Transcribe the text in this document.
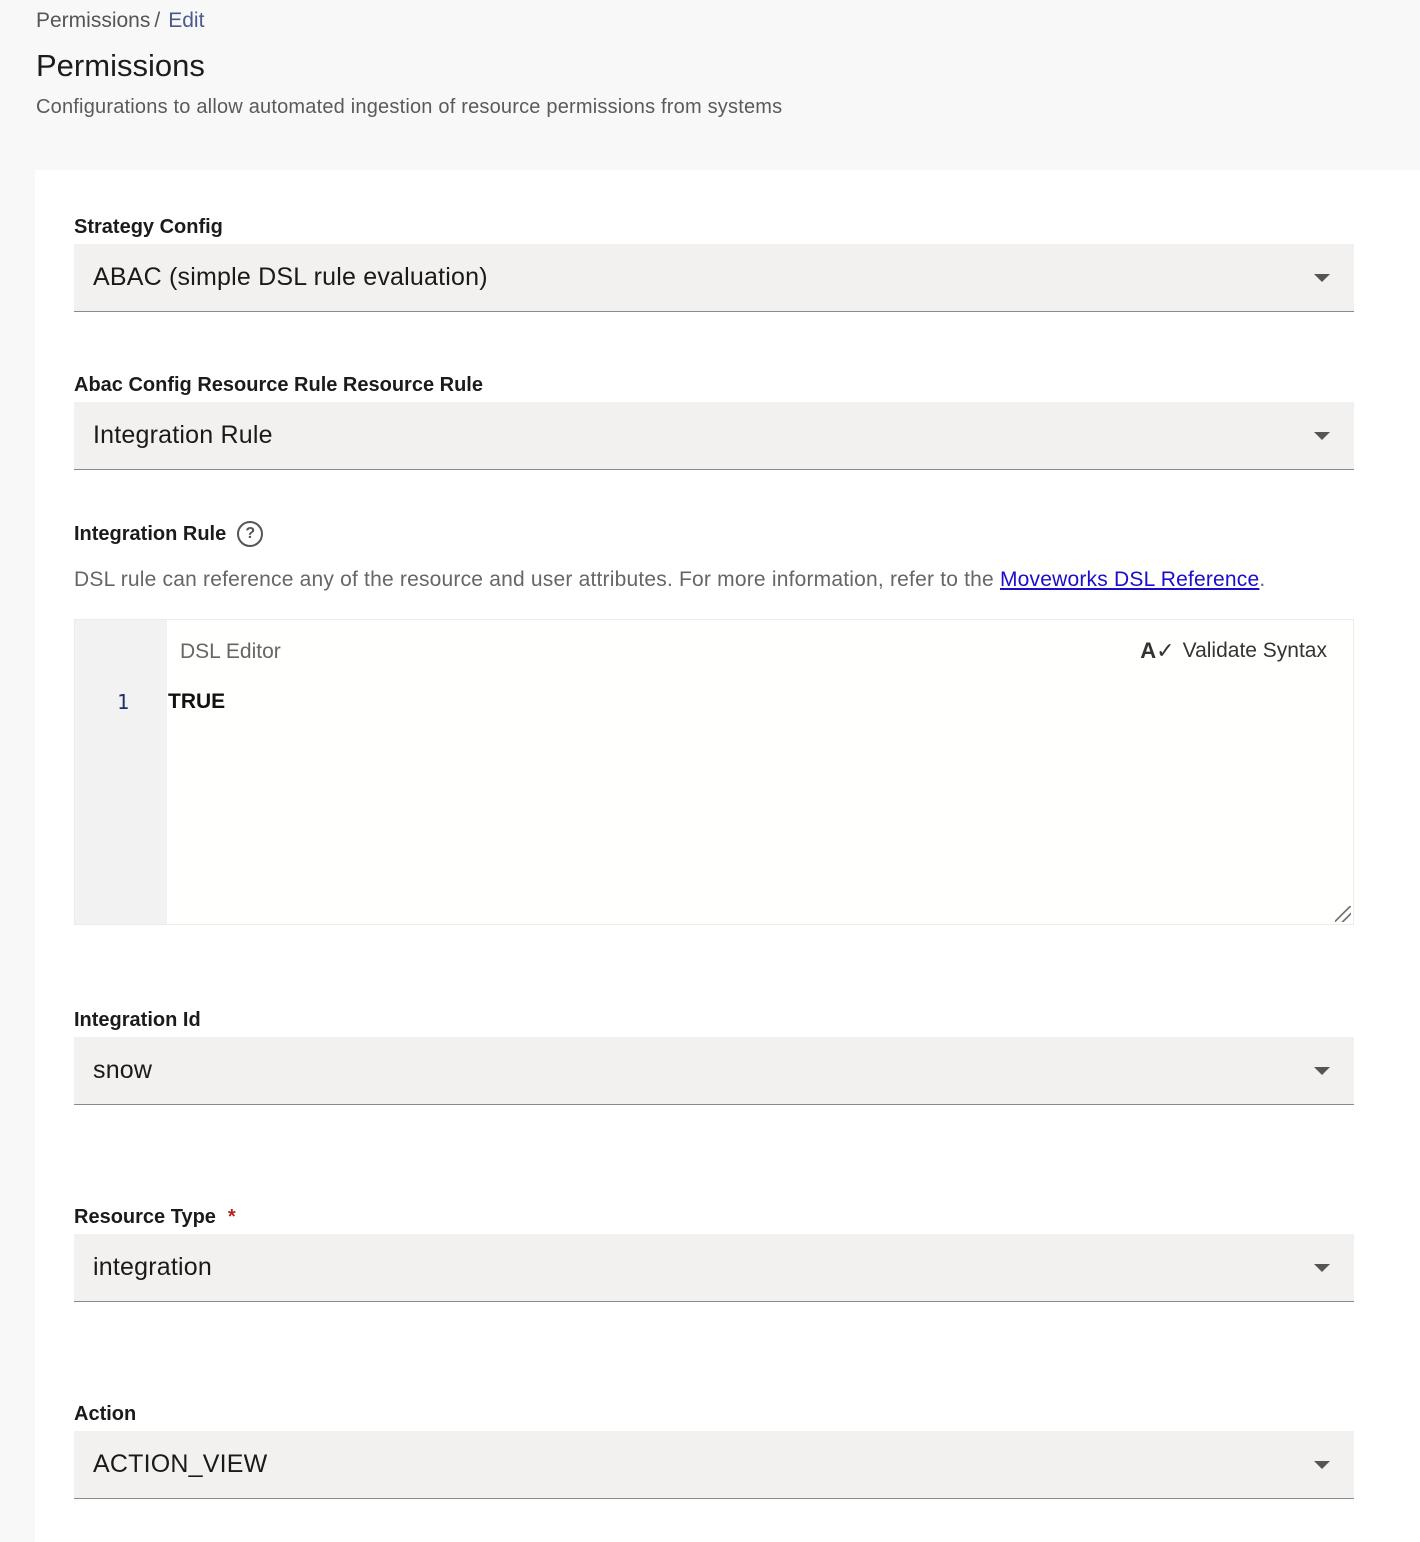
Permissions / Edit
Permissions
Configurations to allow automated ingestion of resource permissions from systems
Strategy Config
ABAC (simple DSL rule evaluation)
Abac Config Resource Rule Resource Rule
Integration Rule
Integration Rule	?
DSL rule can reference any of the resource and user attributes. For more information, refer to the Moveworks DSL Reference.
1
DSL Editor	A✓ Validate Syntax
TRUE
Integration Id
snow
Resource Type *
integration
Action
ACTION_VIEW
